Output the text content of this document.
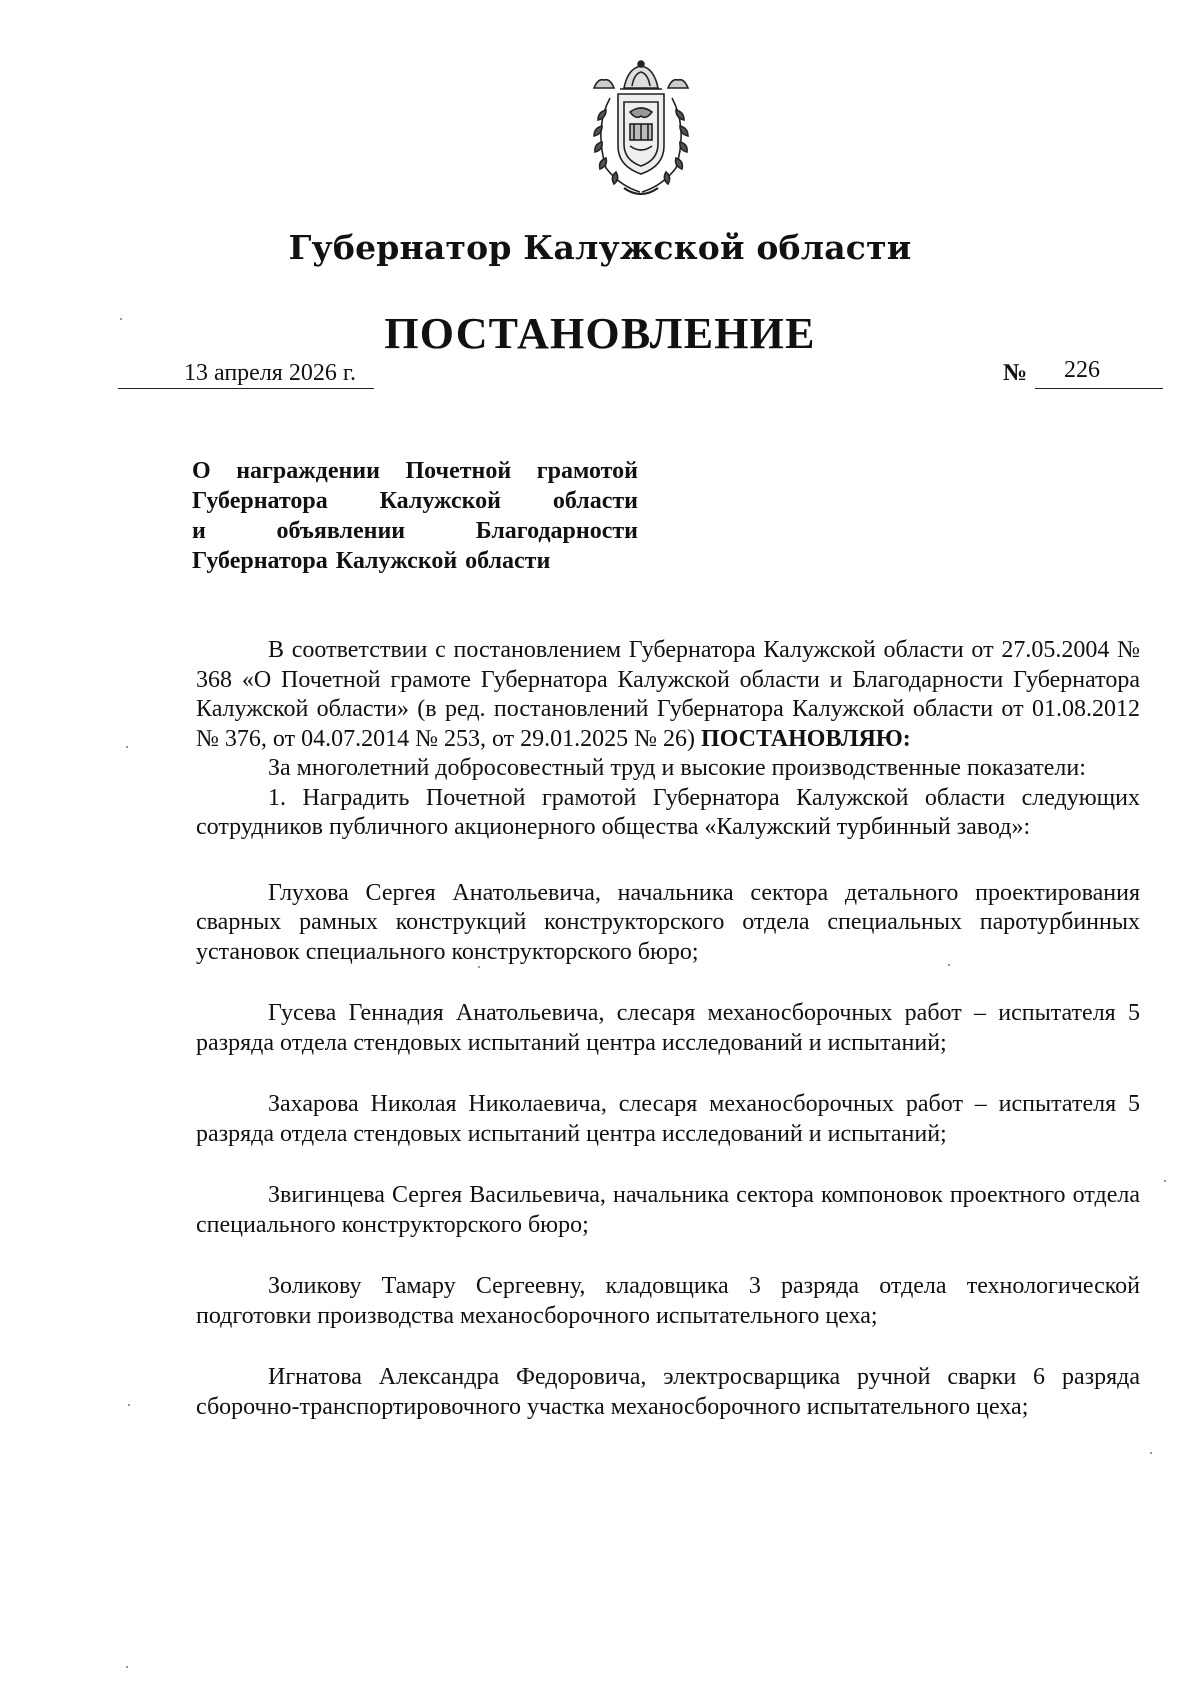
Губернатор Калужской области
ПОСТАНОВЛЕНИЕ
13 апреля 2026 г.	№ 226
О награждении Почетной грамотой
Губернатора Калужской области
и	объявлении	Благодарности
Губернатора Калужской области

В соответствии с постановлением Губернатора Калужской области от 27.05.2004 № 368 «О Почетной грамоте Губернатора Калужской области и Благодарности Губернатора Калужской области» (в ред. постановлений Губернатора Калужской области от 01.08.2012 № 376, от 04.07.2014 № 253, от 29.01.2025 № 26) ПОСТАНОВЛЯЮ:

За многолетний добросовестный труд и высокие производственные показатели:

1. Наградить Почетной грамотой Губернатора Калужской области следующих сотрудников публичного акционерного общества «Калужский турбинный завод»:

Глухова Сергея Анатольевича, начальника сектора детального проектирования сварных рамных конструкций конструкторского отдела специальных паротурбинных установок специального конструкторского бюро;

Гусева Геннадия Анатольевича, слесаря механосборочных работ – испытателя 5 разряда отдела стендовых испытаний центра исследований и испытаний;

Захарова Николая Николаевича, слесаря механосборочных работ – испытателя 5 разряда отдела стендовых испытаний центра исследований и испытаний;

Звигинцева Сергея Васильевича, начальника сектора компоновок проектного отдела специального конструкторского бюро;

Золикову Тамару Сергеевну, кладовщика 3 разряда отдела технологической подготовки производства механосборочного испытательного цеха;

Игнатова Александра Федоровича, электросварщика ручной сварки 6 разряда сборочно-транспортировочного участка механосборочного испытательного цеха;
